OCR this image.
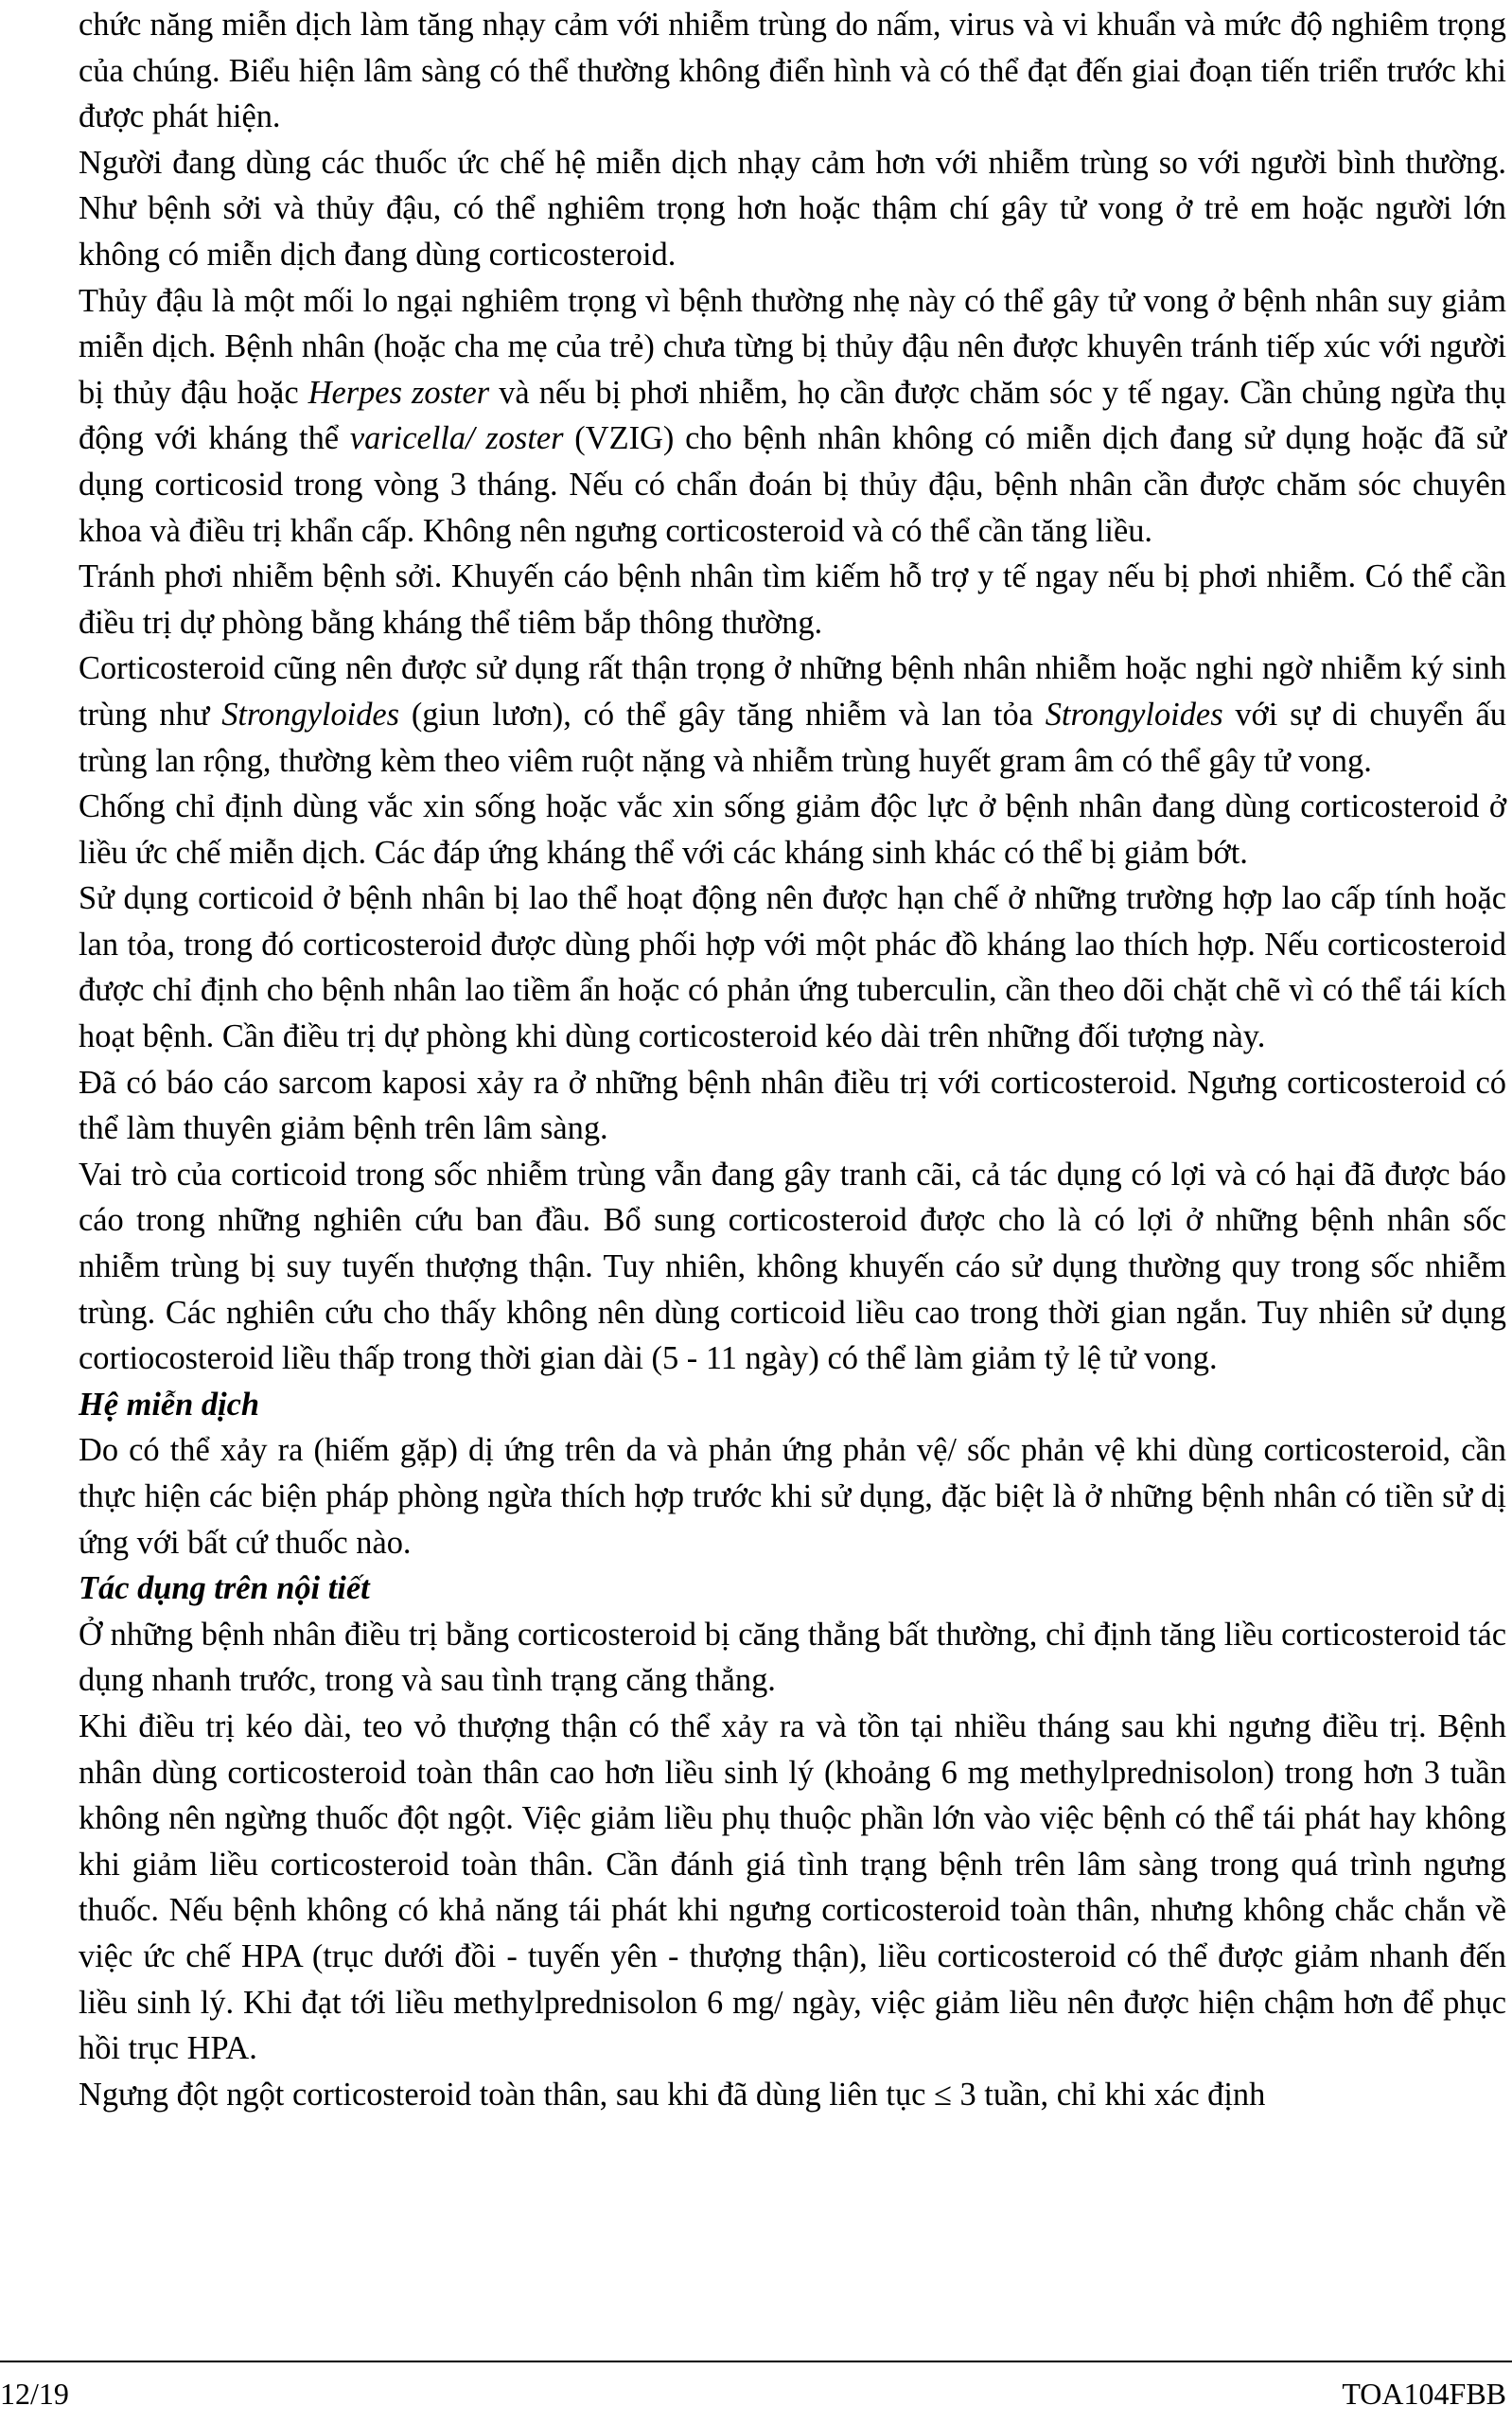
chức năng miễn dịch làm tăng nhạy cảm với nhiễm trùng do nấm, virus và vi khuẩn và mức độ nghiêm trọng của chúng. Biểu hiện lâm sàng có thể thường không điển hình và có thể đạt đến giai đoạn tiến triển trước khi được phát hiện.

Người đang dùng các thuốc ức chế hệ miễn dịch nhạy cảm hơn với nhiễm trùng so với người bình thường. Như bệnh sởi và thủy đậu, có thể nghiêm trọng hơn hoặc thậm chí gây tử vong ở trẻ em hoặc người lớn không có miễn dịch đang dùng corticosteroid.

Thủy đậu là một mối lo ngại nghiêm trọng vì bệnh thường nhẹ này có thể gây tử vong ở bệnh nhân suy giảm miễn dịch. Bệnh nhân (hoặc cha mẹ của trẻ) chưa từng bị thủy đậu nên được khuyên tránh tiếp xúc với người bị thủy đậu hoặc Herpes zoster và nếu bị phơi nhiễm, họ cần được chăm sóc y tế ngay. Cần chủng ngừa thụ động với kháng thể varicella/ zoster (VZIG) cho bệnh nhân không có miễn dịch đang sử dụng hoặc đã sử dụng corticosid trong vòng 3 tháng. Nếu có chẩn đoán bị thủy đậu, bệnh nhân cần được chăm sóc chuyên khoa và điều trị khẩn cấp. Không nên ngưng corticosteroid và có thể cần tăng liều.

Tránh phơi nhiễm bệnh sởi. Khuyến cáo bệnh nhân tìm kiếm hỗ trợ y tế ngay nếu bị phơi nhiễm. Có thể cần điều trị dự phòng bằng kháng thể tiêm bắp thông thường.

Corticosteroid cũng nên được sử dụng rất thận trọng ở những bệnh nhân nhiễm hoặc nghi ngờ nhiễm ký sinh trùng như Strongyloides (giun lươn), có thể gây tăng nhiễm và lan tỏa Strongyloides với sự di chuyển ấu trùng lan rộng, thường kèm theo viêm ruột nặng và nhiễm trùng huyết gram âm có thể gây tử vong.

Chống chỉ định dùng vắc xin sống hoặc vắc xin sống giảm độc lực ở bệnh nhân đang dùng corticosteroid ở liều ức chế miễn dịch. Các đáp ứng kháng thể với các kháng sinh khác có thể bị giảm bớt.

Sử dụng corticoid ở bệnh nhân bị lao thể hoạt động nên được hạn chế ở những trường hợp lao cấp tính hoặc lan tỏa, trong đó corticosteroid được dùng phối hợp với một phác đồ kháng lao thích hợp. Nếu corticosteroid được chỉ định cho bệnh nhân lao tiềm ẩn hoặc có phản ứng tuberculin, cần theo dõi chặt chẽ vì có thể tái kích hoạt bệnh. Cần điều trị dự phòng khi dùng corticosteroid kéo dài trên những đối tượng này.

Đã có báo cáo sarcom kaposi xảy ra ở những bệnh nhân điều trị với corticosteroid. Ngưng corticosteroid có thể làm thuyên giảm bệnh trên lâm sàng.

Vai trò của corticoid trong sốc nhiễm trùng vẫn đang gây tranh cãi, cả tác dụng có lợi và có hại đã được báo cáo trong những nghiên cứu ban đầu. Bổ sung corticosteroid được cho là có lợi ở những bệnh nhân sốc nhiễm trùng bị suy tuyến thượng thận. Tuy nhiên, không khuyến cáo sử dụng thường quy trong sốc nhiễm trùng. Các nghiên cứu cho thấy không nên dùng corticoid liều cao trong thời gian ngắn. Tuy nhiên sử dụng cortiocosteroid liều thấp trong thời gian dài (5 - 11 ngày) có thể làm giảm tỷ lệ tử vong.

Hệ miễn dịch

Do có thể xảy ra (hiếm gặp) dị ứng trên da và phản ứng phản vệ/ sốc phản vệ khi dùng corticosteroid, cần thực hiện các biện pháp phòng ngừa thích hợp trước khi sử dụng, đặc biệt là ở những bệnh nhân có tiền sử dị ứng với bất cứ thuốc nào.

Tác dụng trên nội tiết

Ở những bệnh nhân điều trị bằng corticosteroid bị căng thẳng bất thường, chỉ định tăng liều corticosteroid tác dụng nhanh trước, trong và sau tình trạng căng thẳng.

Khi điều trị kéo dài, teo vỏ thượng thận có thể xảy ra và tồn tại nhiều tháng sau khi ngưng điều trị. Bệnh nhân dùng corticosteroid toàn thân cao hơn liều sinh lý (khoảng 6 mg methylprednisolon) trong hơn 3 tuần không nên ngừng thuốc đột ngột. Việc giảm liều phụ thuộc phần lớn vào việc bệnh có thể tái phát hay không khi giảm liều corticosteroid toàn thân. Cần đánh giá tình trạng bệnh trên lâm sàng trong quá trình ngưng thuốc. Nếu bệnh không có khả năng tái phát khi ngưng corticosteroid toàn thân, nhưng không chắc chắn về việc ức chế HPA (trục dưới đồi - tuyến yên - thượng thận), liều corticosteroid có thể được giảm nhanh đến liều sinh lý. Khi đạt tới liều methylprednisolon 6 mg/ ngày, việc giảm liều nên được hiện chậm hơn để phục hồi trục HPA.

Ngưng đột ngột corticosteroid toàn thân, sau khi đã dùng liên tục ≤ 3 tuần, chỉ khi xác định

12/19	TOA104FBB
